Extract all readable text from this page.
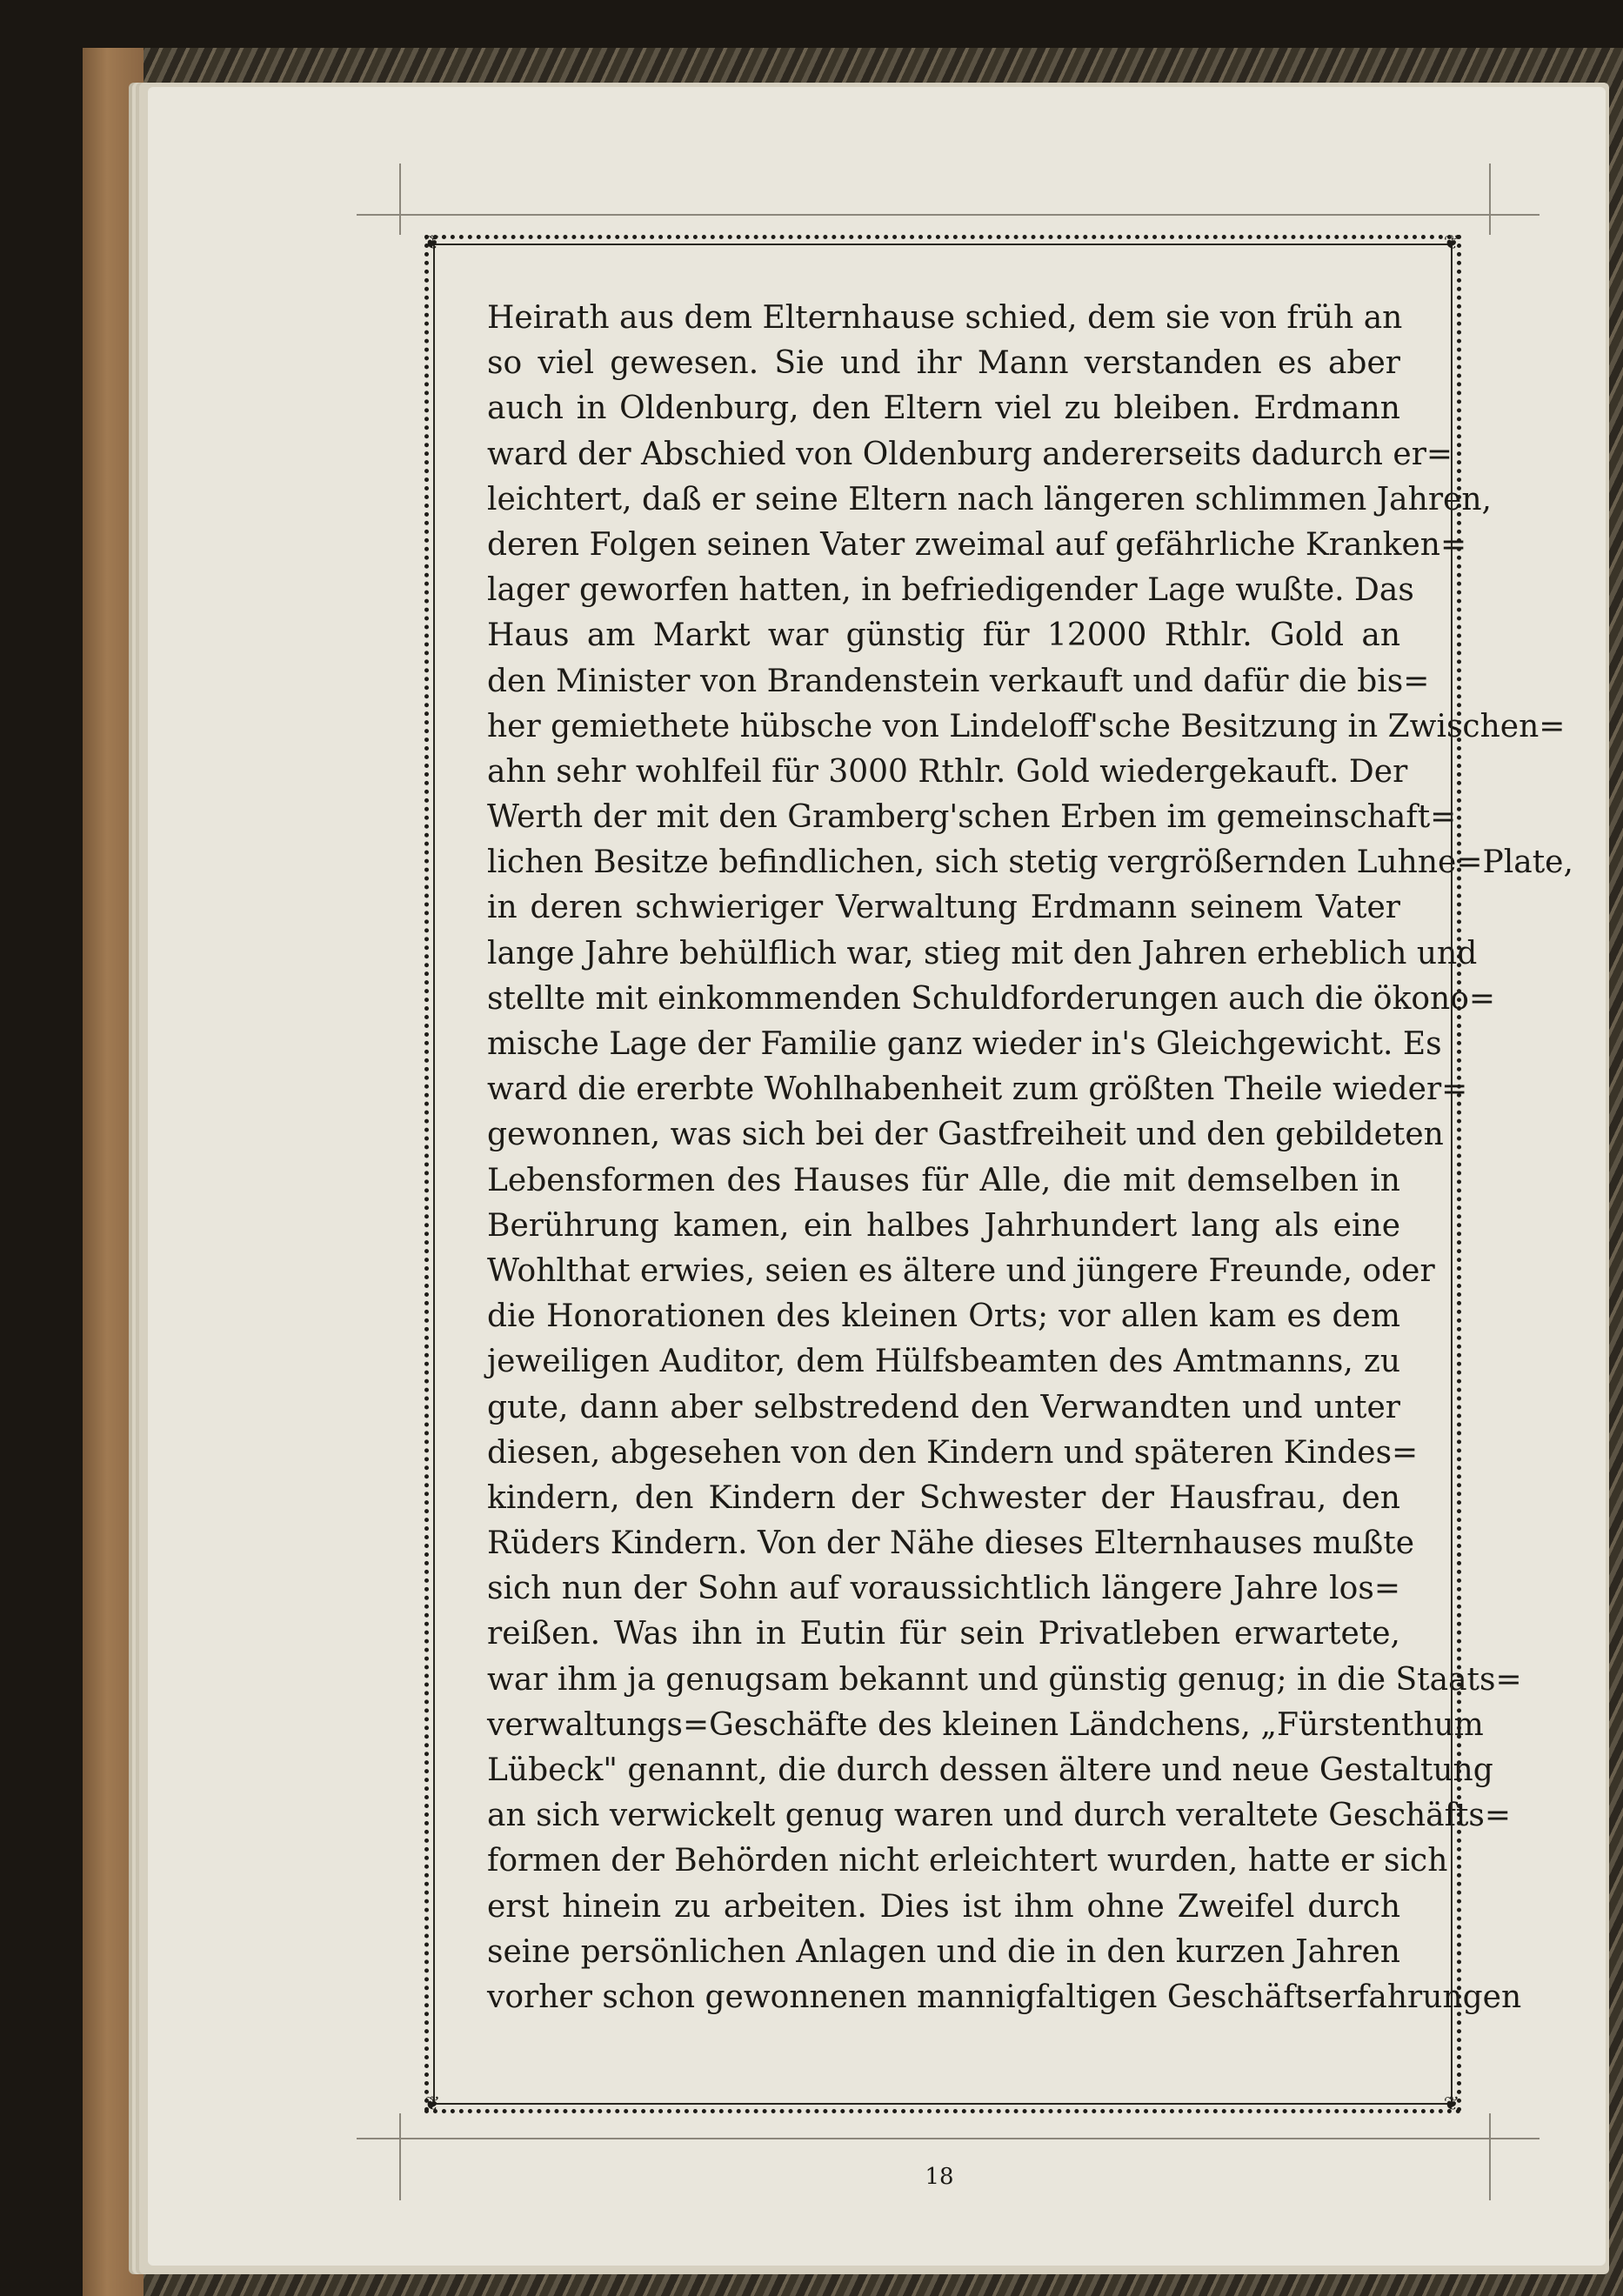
❦	❦
❦	❦
Heirath aus dem Elternhause schied, dem sie von früh an
so viel gewesen. Sie und ihr Mann verstanden es aber
auch in Oldenburg, den Eltern viel zu bleiben. Erdmann
ward der Abschied von Oldenburg andererseits dadurch er=
leichtert, daß er seine Eltern nach längeren schlimmen Jahren,
deren Folgen seinen Vater zweimal auf gefährliche Kranken=
lager geworfen hatten, in befriedigender Lage wußte. Das
Haus am Markt war günstig für 12000 Rthlr. Gold an
den Minister von Brandenstein verkauft und dafür die bis=
her gemiethete hübsche von Lindeloff'sche Besitzung in Zwischen=
ahn sehr wohlfeil für 3000 Rthlr. Gold wiedergekauft. Der
Werth der mit den Gramberg'schen Erben im gemeinschaft=
lichen Besitze befindlichen, sich stetig vergrößernden Luhne=Plate,
in deren schwieriger Verwaltung Erdmann seinem Vater
lange Jahre behülflich war, stieg mit den Jahren erheblich und
stellte mit einkommenden Schuldforderungen auch die ökono=
mische Lage der Familie ganz wieder in's Gleichgewicht. Es
ward die ererbte Wohlhabenheit zum größten Theile wieder=
gewonnen, was sich bei der Gastfreiheit und den gebildeten
Lebensformen des Hauses für Alle, die mit demselben in
Berührung kamen, ein halbes Jahrhundert lang als eine
Wohlthat erwies, seien es ältere und jüngere Freunde, oder
die Honorationen des kleinen Orts; vor allen kam es dem
jeweiligen Auditor, dem Hülfsbeamten des Amtmanns, zu
gute, dann aber selbstredend den Verwandten und unter
diesen, abgesehen von den Kindern und späteren Kindes=
kindern, den Kindern der Schwester der Hausfrau, den
Rüders Kindern. Von der Nähe dieses Elternhauses mußte
sich nun der Sohn auf voraussichtlich längere Jahre los=
reißen. Was ihn in Eutin für sein Privatleben erwartete,
war ihm ja genugsam bekannt und günstig genug; in die Staats=
verwaltungs=Geschäfte des kleinen Ländchens, „Fürstenthum
Lübeck" genannt, die durch dessen ältere und neue Gestaltung
an sich verwickelt genug waren und durch veraltete Geschäfts=
formen der Behörden nicht erleichtert wurden, hatte er sich
erst hinein zu arbeiten. Dies ist ihm ohne Zweifel durch
seine persönlichen Anlagen und die in den kurzen Jahren
vorher schon gewonnenen mannigfaltigen Geschäftserfahrungen
18
